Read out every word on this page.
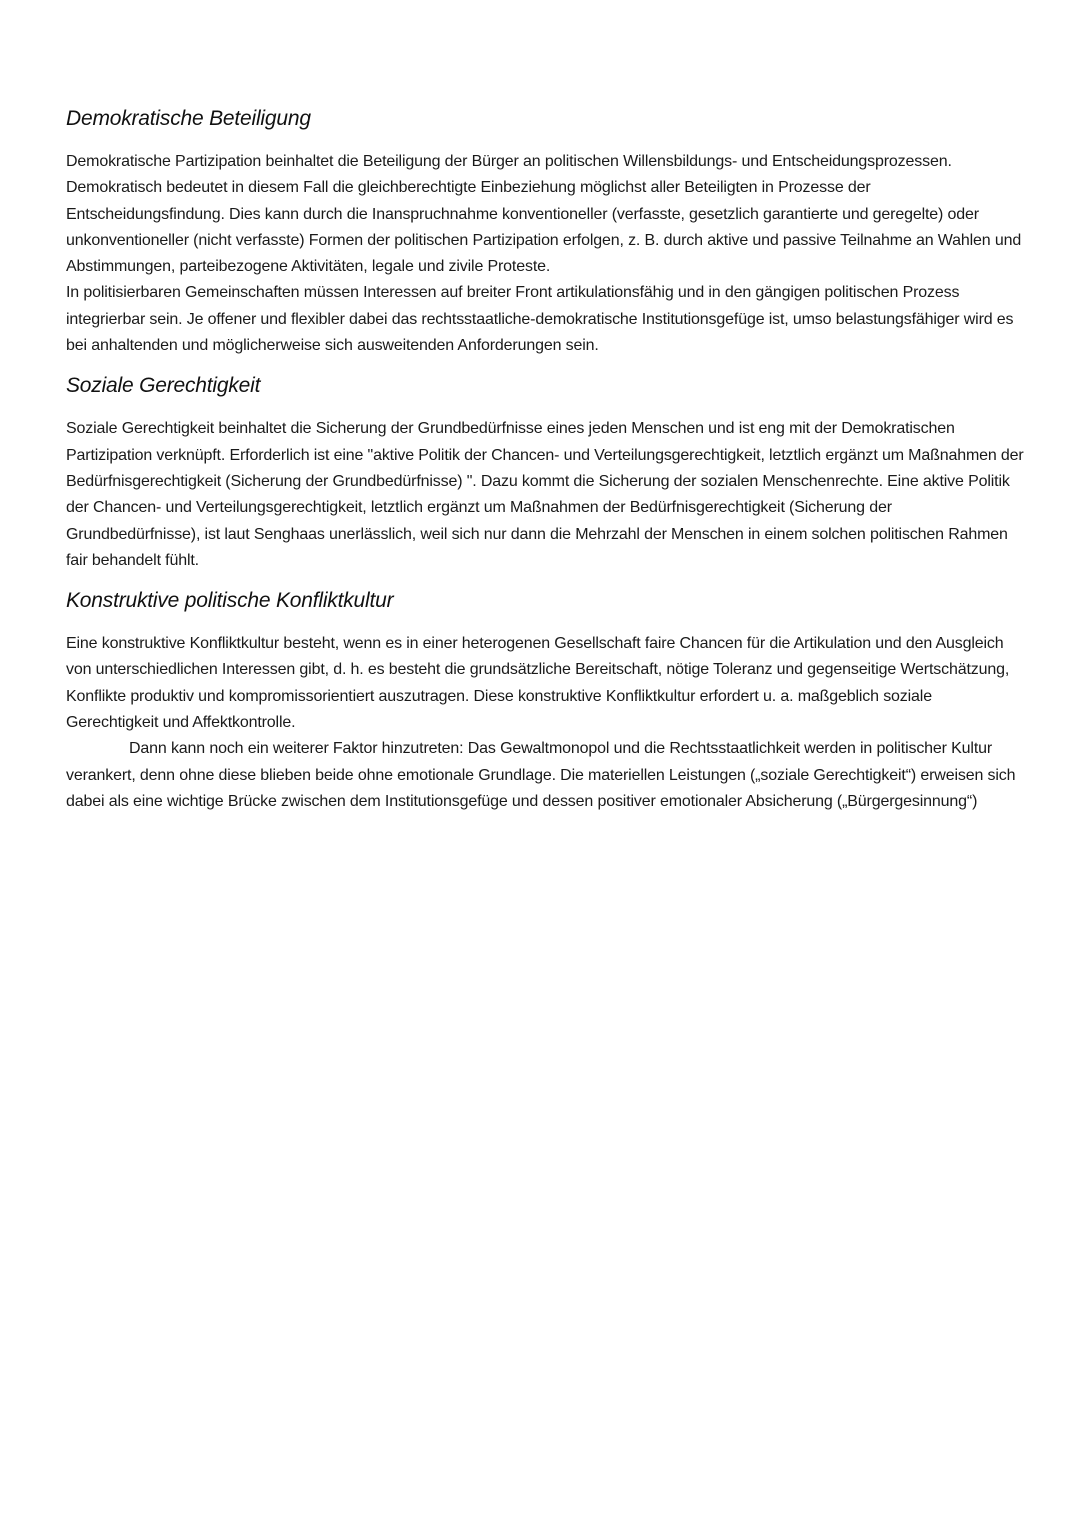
Demokratische Beteiligung

Demokratische Partizipation beinhaltet die Beteiligung der Bürger an politischen Willensbildungs- und Entscheidungsprozessen. Demokratisch bedeutet in diesem Fall die gleichberechtigte Einbeziehung möglichst aller Beteiligten in Prozesse der Entscheidungsfindung. Dies kann durch die Inanspruchnahme konventioneller (verfasste, gesetzlich garantierte und geregelte) oder unkonventioneller (nicht verfasste) Formen der politischen Partizipation erfolgen, z. B. durch aktive und passive Teilnahme an Wahlen und Abstimmungen, parteibezogene Aktivitäten, legale und zivile Proteste.

In politisierbaren Gemeinschaften müssen Interessen auf breiter Front artikulationsfähig und in den gängigen politischen Prozess integrierbar sein. Je offener und flexibler dabei das rechtsstaatliche-demokratische Institutionsgefüge ist, umso belastungsfähiger wird es bei anhaltenden und möglicherweise sich ausweitenden Anforderungen sein.

Soziale Gerechtigkeit

Soziale Gerechtigkeit beinhaltet die Sicherung der Grundbedürfnisse eines jeden Menschen und ist eng mit der Demokratischen Partizipation verknüpft. Erforderlich ist eine "aktive Politik der Chancen- und Verteilungsgerechtigkeit, letztlich ergänzt um Maßnahmen der Bedürfnisgerechtigkeit (Sicherung der Grundbedürfnisse) ". Dazu kommt die Sicherung der sozialen Menschenrechte. Eine aktive Politik der Chancen- und Verteilungsgerechtigkeit, letztlich ergänzt um Maßnahmen der Bedürfnisgerechtigkeit (Sicherung der Grundbedürfnisse), ist laut Senghaas unerlässlich, weil sich nur dann die Mehrzahl der Menschen in einem solchen politischen Rahmen fair behandelt fühlt.

Konstruktive politische Konfliktkultur

Eine konstruktive Konfliktkultur besteht, wenn es in einer heterogenen Gesellschaft faire Chancen für die Artikulation und den Ausgleich von unterschiedlichen Interessen gibt, d. h. es besteht die grundsätzliche Bereitschaft, nötige Toleranz und gegenseitige Wertschätzung, Konflikte produktiv und kompromissorientiert auszutragen. Diese konstruktive Konfliktkultur erfordert u. a. maßgeblich soziale Gerechtigkeit und Affektkontrolle.

Dann kann noch ein weiterer Faktor hinzutreten: Das Gewaltmonopol und die Rechtsstaatlichkeit werden in politischer Kultur verankert, denn ohne diese blieben beide ohne emotionale Grundlage. Die materiellen Leistungen („soziale Gerechtigkeit“) erweisen sich dabei als eine wichtige Brücke zwischen dem Institutionsgefüge und dessen positiver emotionaler Absicherung („Bürgergesinnung“)
